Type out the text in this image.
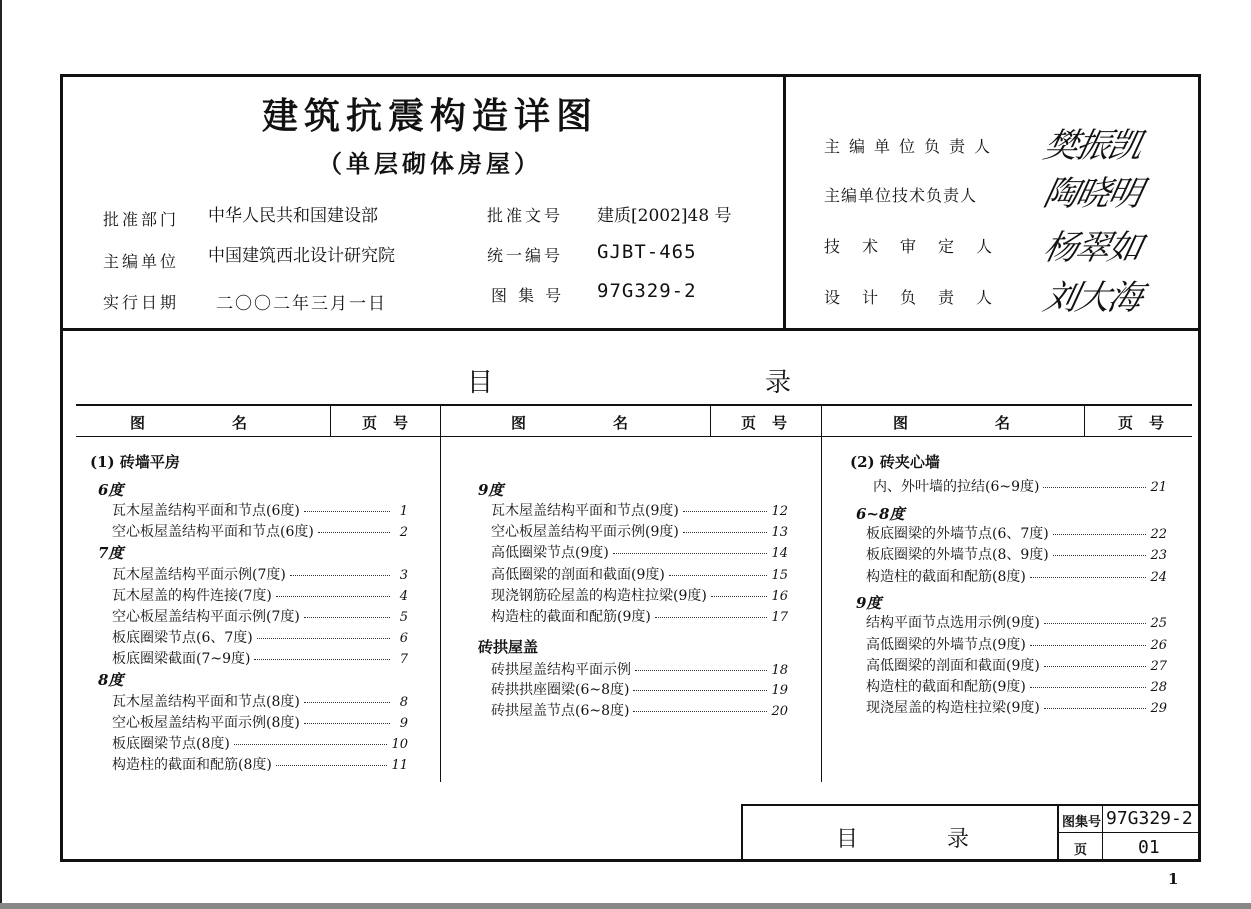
建筑抗震构造详图
（单层砌体房屋）
批准部门 中华人民共和国建设部	批准文号 建质[2002]48 号
主编单位 中国建筑西北设计研究院	统一编号 GJBT-465
实行日期 二〇〇二年三月一日	图 集 号 97G329-2
主编单位负责人 樊振凯
主编单位技术负责人 陶晓明
技术审定人 杨翠如
设计负责人 刘大海
目	录
图	名	页 号	图	名	页 号	图	名	页 号
(1) 砖墙平房
6度
瓦木屋盖结构平面和节点(6度)	1
空心板屋盖结构平面和节点(6度)	2
7度
瓦木屋盖结构平面示例(7度)	3
瓦木屋盖的构件连接(7度)	4
空心板屋盖结构平面示例(7度)	5
板底圈梁节点(6、7度)	6
板底圈梁截面(7~9度)	7
8度
瓦木屋盖结构平面和节点(8度)	8
空心板屋盖结构平面示例(8度)	9
板底圈梁节点(8度)	10
构造柱的截面和配筋(8度)	11
9度
瓦木屋盖结构平面和节点(9度)	12
空心板屋盖结构平面示例(9度)	13
高低圈梁节点(9度)	14
高低圈梁的剖面和截面(9度)	15
现浇钢筋砼屋盖的构造柱拉梁(9度)	16
构造柱的截面和配筋(9度)	17
砖拱屋盖
砖拱屋盖结构平面示例	18
砖拱拱座圈梁(6~8度)	19
砖拱屋盖节点(6~8度)	20
(2) 砖夹心墙
内、外叶墙的拉结(6~9度)	21
6~8度
板底圈梁的外墙节点(6、7度)	22
板底圈梁的外墙节点(8、9度)	23
构造柱的截面和配筋(8度)	24
9度
结构平面节点选用示例(9度)	25
高低圈梁的外墙节点(9度)	26
高低圈梁的剖面和截面(9度)	27
构造柱的截面和配筋(9度)	28
现浇屋盖的构造柱拉梁(9度)	29
目	录
图集号 97G329-2
页	01
1
